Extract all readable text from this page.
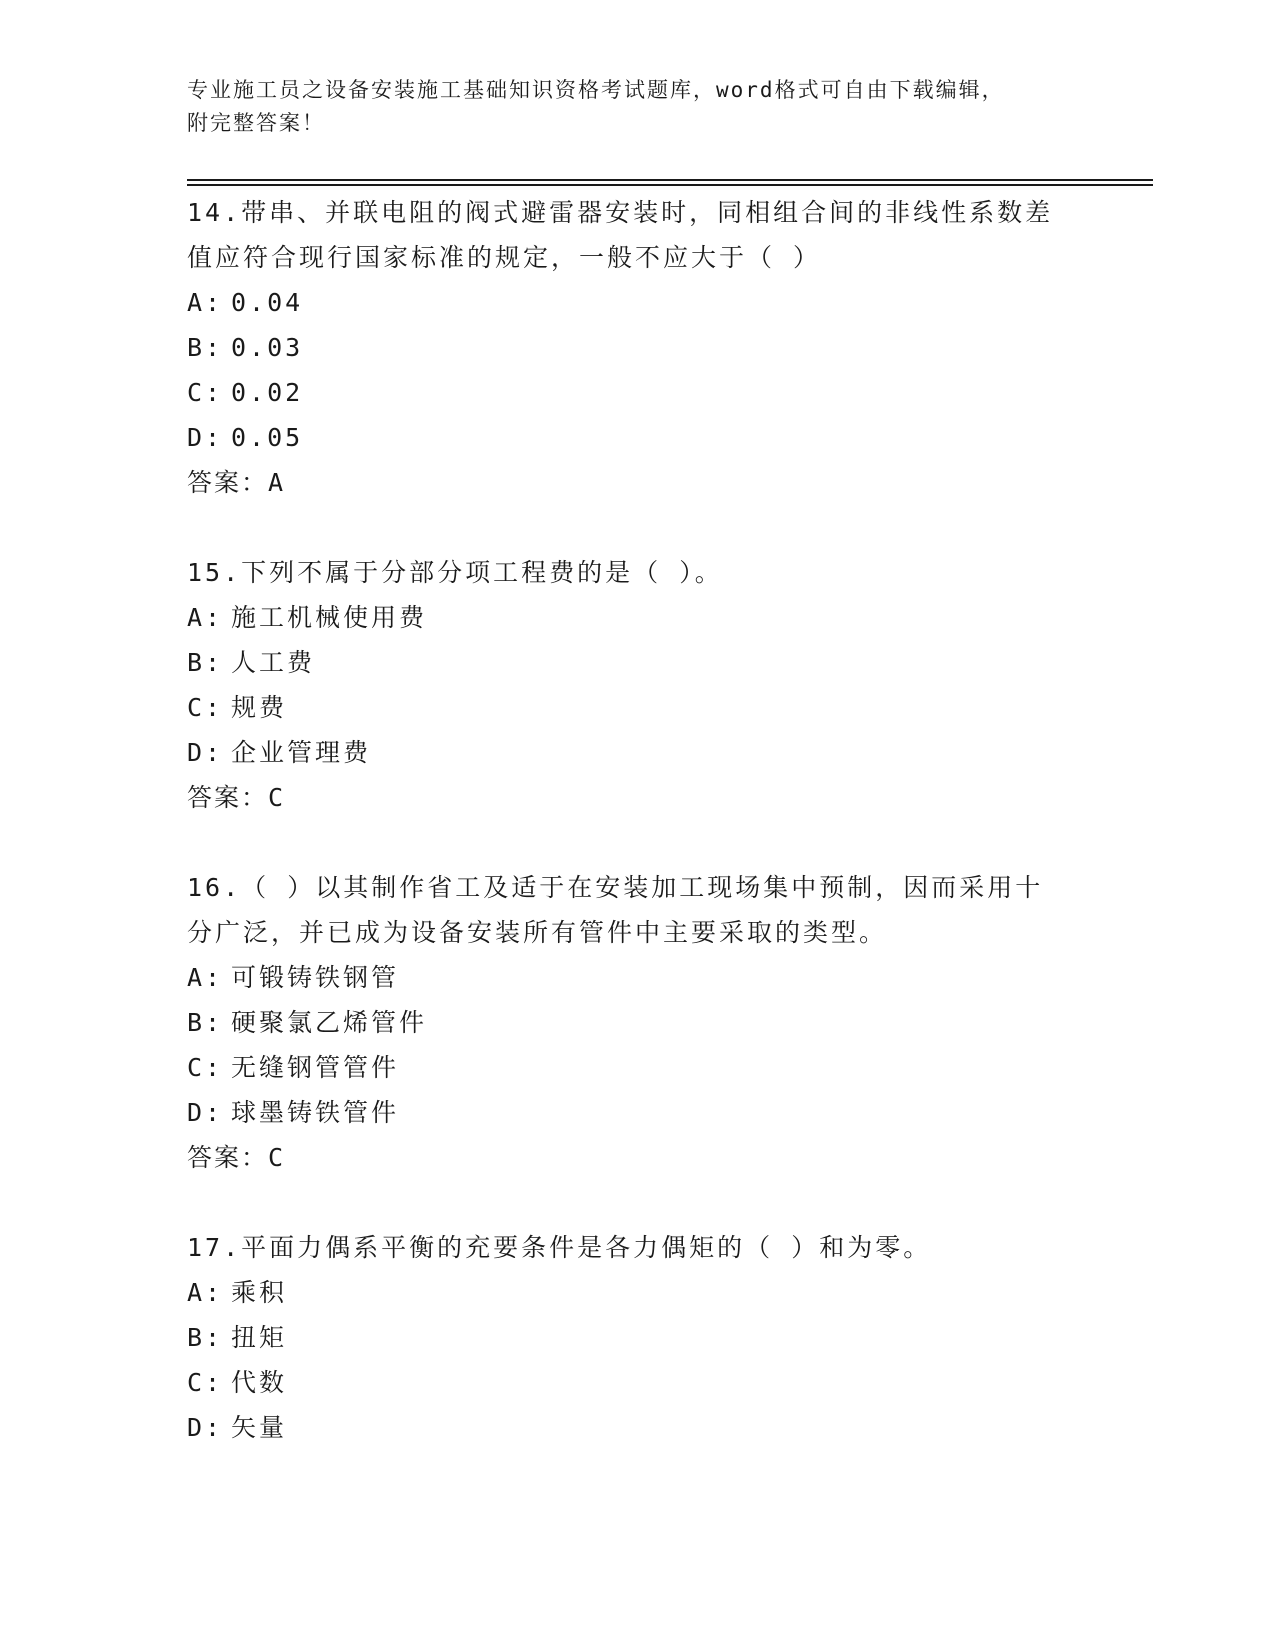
专业施工员之设备安装施工基础知识资格考试题库，word格式可自由下载编辑，
附完整答案！
14.带串、并联电阻的阀式避雷器安装时，同相组合间的非线性系数差
值应符合现行国家标准的规定，一般不应大于（ ）
A: 0.04
B: 0.03
C: 0.02
D: 0.05
答案：A
15.下列不属于分部分项工程费的是（ ）。
A: 施工机械使用费
B: 人工费
C: 规费
D: 企业管理费
答案：C
16.（ ）以其制作省工及适于在安装加工现场集中预制，因而采用十
分广泛，并已成为设备安装所有管件中主要采取的类型。
A: 可锻铸铁钢管
B: 硬聚氯乙烯管件
C: 无缝钢管管件
D: 球墨铸铁管件
答案：C
17.平面力偶系平衡的充要条件是各力偶矩的（ ）和为零。
A: 乘积
B: 扭矩
C: 代数
D: 矢量
